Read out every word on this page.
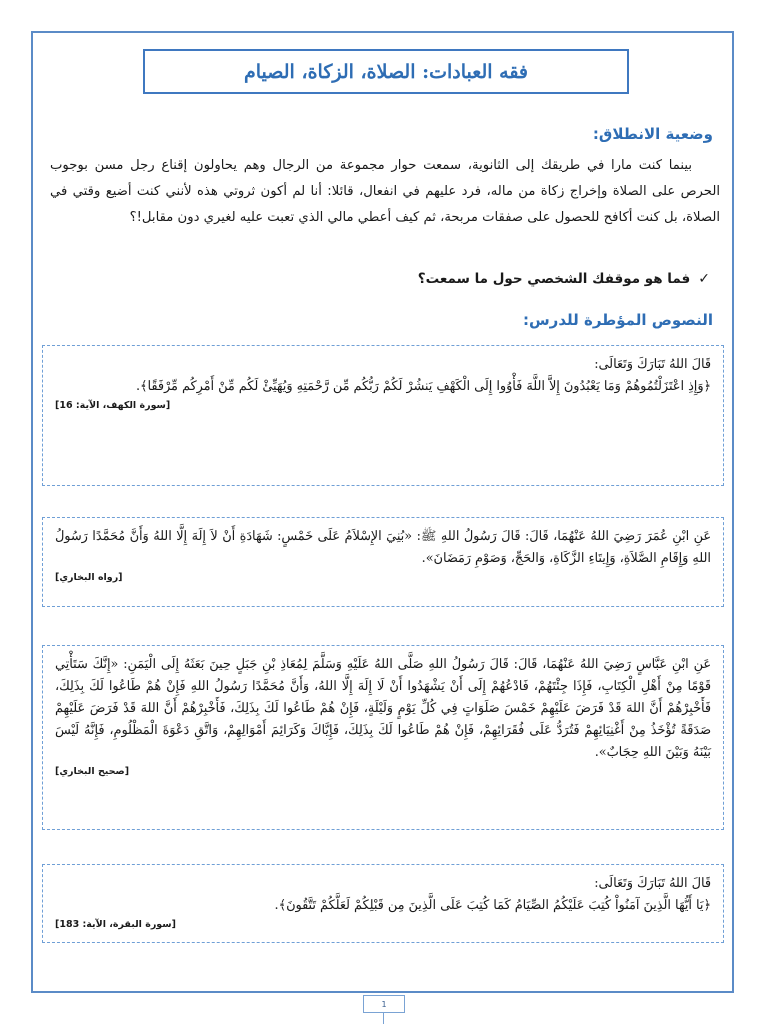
فقه العبادات: الصلاة، الزكاة، الصيام
وضعية الانطلاق:

بينما كنت مارا في طريقك إلى الثانوية، سمعت حوار مجموعة من الرجال وهم يحاولون إقناع رجل مسن بوجوب الحرص على الصلاة وإخراج زكاة من ماله، فرد عليهم في انفعال، قائلا: أنا لم أكون ثروتي هذه لأنني كنت أضيع وقتي في الصلاة، بل كنت أكافح للحصول على صفقات مربحة، ثم كيف أعطي مالي الذي تعبت عليه لغيري دون مقابل!؟

✓
فما هو موقفك الشخصي حول ما سمعت؟
النصوص المؤطرة للدرس:

قَالَ اللهُ تَبَارَكَ وَتَعَالَى:

﴿وَإِذِ اعْتَزَلْتُمُوهُمْ وَمَا يَعْبُدُونَ إِلاَّ اللَّهَ فَأْوُوا إِلَى الْكَهْفِ يَنشُرْ لَكُمْ رَبُّكُم مِّن رَّحْمَتِهِ وَيُهَيِّئْ لَكُم مِّنْ أَمْرِكُم مِّرْفَقًا﴾.

[سورة الكهف، الآية: 16]

عَنِ ابْنِ عُمَرَ رَضِيَ اللهُ عَنْهُمَا، قَالَ: قَالَ رَسُولُ اللهِ ﷺ: «بُنِيَ الإِسْلاَمُ عَلَى خَمْسٍ: شَهَادَةِ أَنْ لاَ إِلَهَ إِلَّا اللهُ وَأَنَّ مُحَمَّدًا رَسُولُ اللهِ وَإِقَامِ الصَّلاَةِ، وَإِيتَاءِ الزَّكَاةِ، وَالحَجِّ، وَصَوْمِ رَمَضَانَ».

[رواه البخاري]

عَنِ ابْنِ عَبَّاسٍ رَضِيَ اللهُ عَنْهُمَا، قَالَ: قَالَ رَسُولُ اللهِ صَلَّى اللهُ عَلَيْهِ وَسَلَّمَ لِمُعَاذِ بْنِ جَبَلٍ حِينَ بَعَثَهُ إِلَى الْيَمَنِ: «إِنَّكَ سَتَأْتِي قَوْمًا مِنْ أَهْلِ الْكِتَابِ، فَإِذَا جِئْتَهُمْ، فَادْعُهُمْ إِلَى أَنْ يَشْهَدُوا أَنْ لَا إِلَهَ إِلَّا اللهُ، وَأَنَّ مُحَمَّدًا رَسُولُ اللهِ فَإِنْ هُمْ طَاعُوا لَكَ بِذَلِكَ، فَأَخْبِرْهُمْ أَنَّ اللهَ قَدْ فَرَضَ عَلَيْهِمْ خَمْسَ صَلَوَاتٍ فِي كُلِّ يَوْمٍ وَلَيْلَةٍ، فَإِنْ هُمْ طَاعُوا لَكَ بِذَلِكَ، فَأَخْبِرْهُمْ أَنَّ اللهَ قَدْ فَرَضَ عَلَيْهِمْ صَدَقَةً تُؤْخَذُ مِنْ أَغْنِيَائِهِمْ فَتُرَدُّ عَلَى فُقَرَائِهِمْ، فَإِنْ هُمْ طَاعُوا لَكَ بِذَلِكَ، فَإِيَّاكَ وَكَرَائِمَ أَمْوَالِهِمْ، وَاتَّقِ دَعْوَةَ الْمَظْلُومِ، فَإِنَّهُ لَيْسَ بَيْنَهُ وَبَيْنَ اللهِ حِجَابٌ».

[صحيح البخاري]

قَالَ اللهُ تَبَارَكَ وَتَعَالَى:

﴿يَا أَيُّهَا الَّذِينَ آمَنُواْ كُتِبَ عَلَيْكُمُ الصِّيَامُ كَمَا كُتِبَ عَلَى الَّذِينَ مِن قَبْلِكُمْ لَعَلَّكُمْ تَتَّقُونَ﴾.

[سورة البقرة، الآية: 183]
1
